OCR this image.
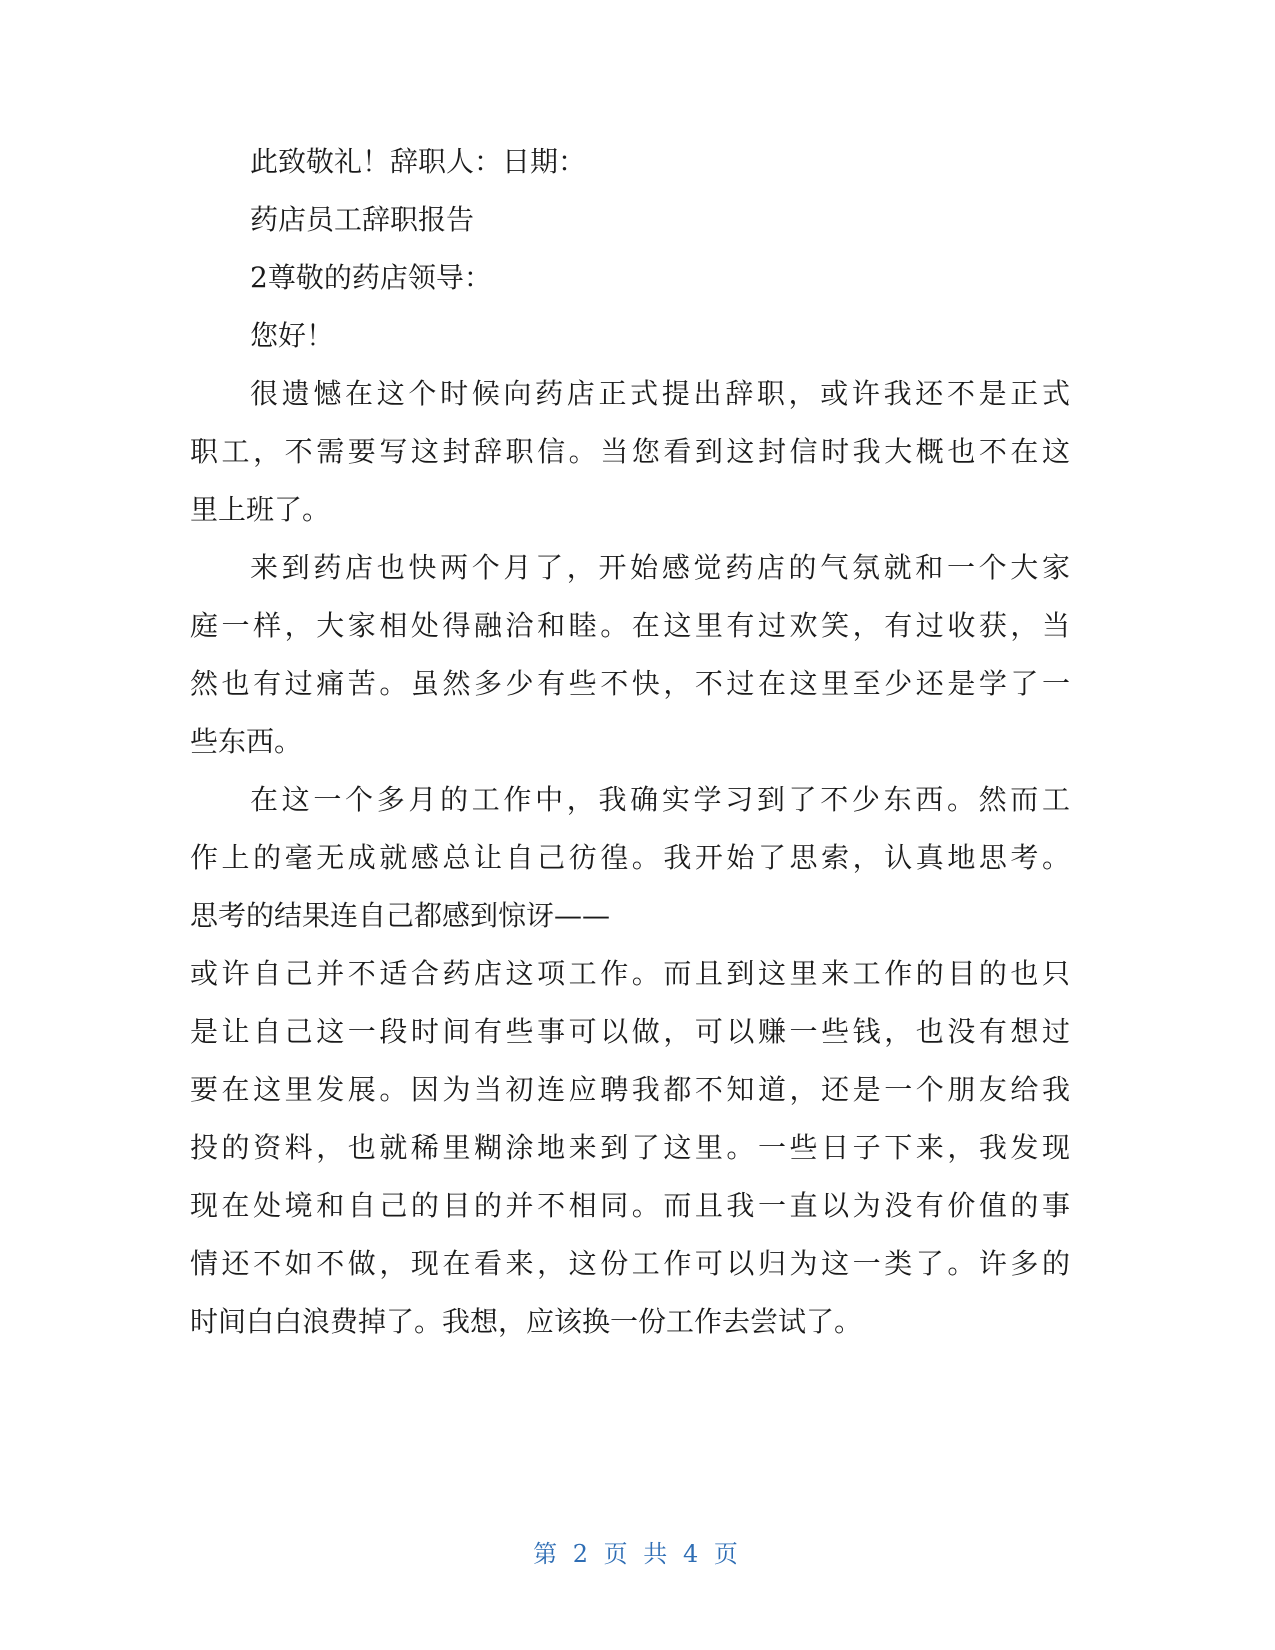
此致敬礼！辞职人：日期：
药店员工辞职报告
2尊敬的药店领导：
您好！
很遗憾在这个时候向药店正式提出辞职，或许我还不是正式
职工，不需要写这封辞职信。当您看到这封信时我大概也不在这
里上班了。
来到药店也快两个月了，开始感觉药店的气氛就和一个大家
庭一样，大家相处得融洽和睦。在这里有过欢笑，有过收获，当
然也有过痛苦。虽然多少有些不快，不过在这里至少还是学了一
些东西。
在这一个多月的工作中，我确实学习到了不少东西。然而工
作上的毫无成就感总让自己彷徨。我开始了思索，认真地思考。
思考的结果连自己都感到惊讶——
或许自己并不适合药店这项工作。而且到这里来工作的目的也只
是让自己这一段时间有些事可以做，可以赚一些钱，也没有想过
要在这里发展。因为当初连应聘我都不知道，还是一个朋友给我
投的资料，也就稀里糊涂地来到了这里。一些日子下来，我发现
现在处境和自己的目的并不相同。而且我一直以为没有价值的事
情还不如不做，现在看来，这份工作可以归为这一类了。许多的
时间白白浪费掉了。我想，应该换一份工作去尝试了。
第 2 页 共 4 页
